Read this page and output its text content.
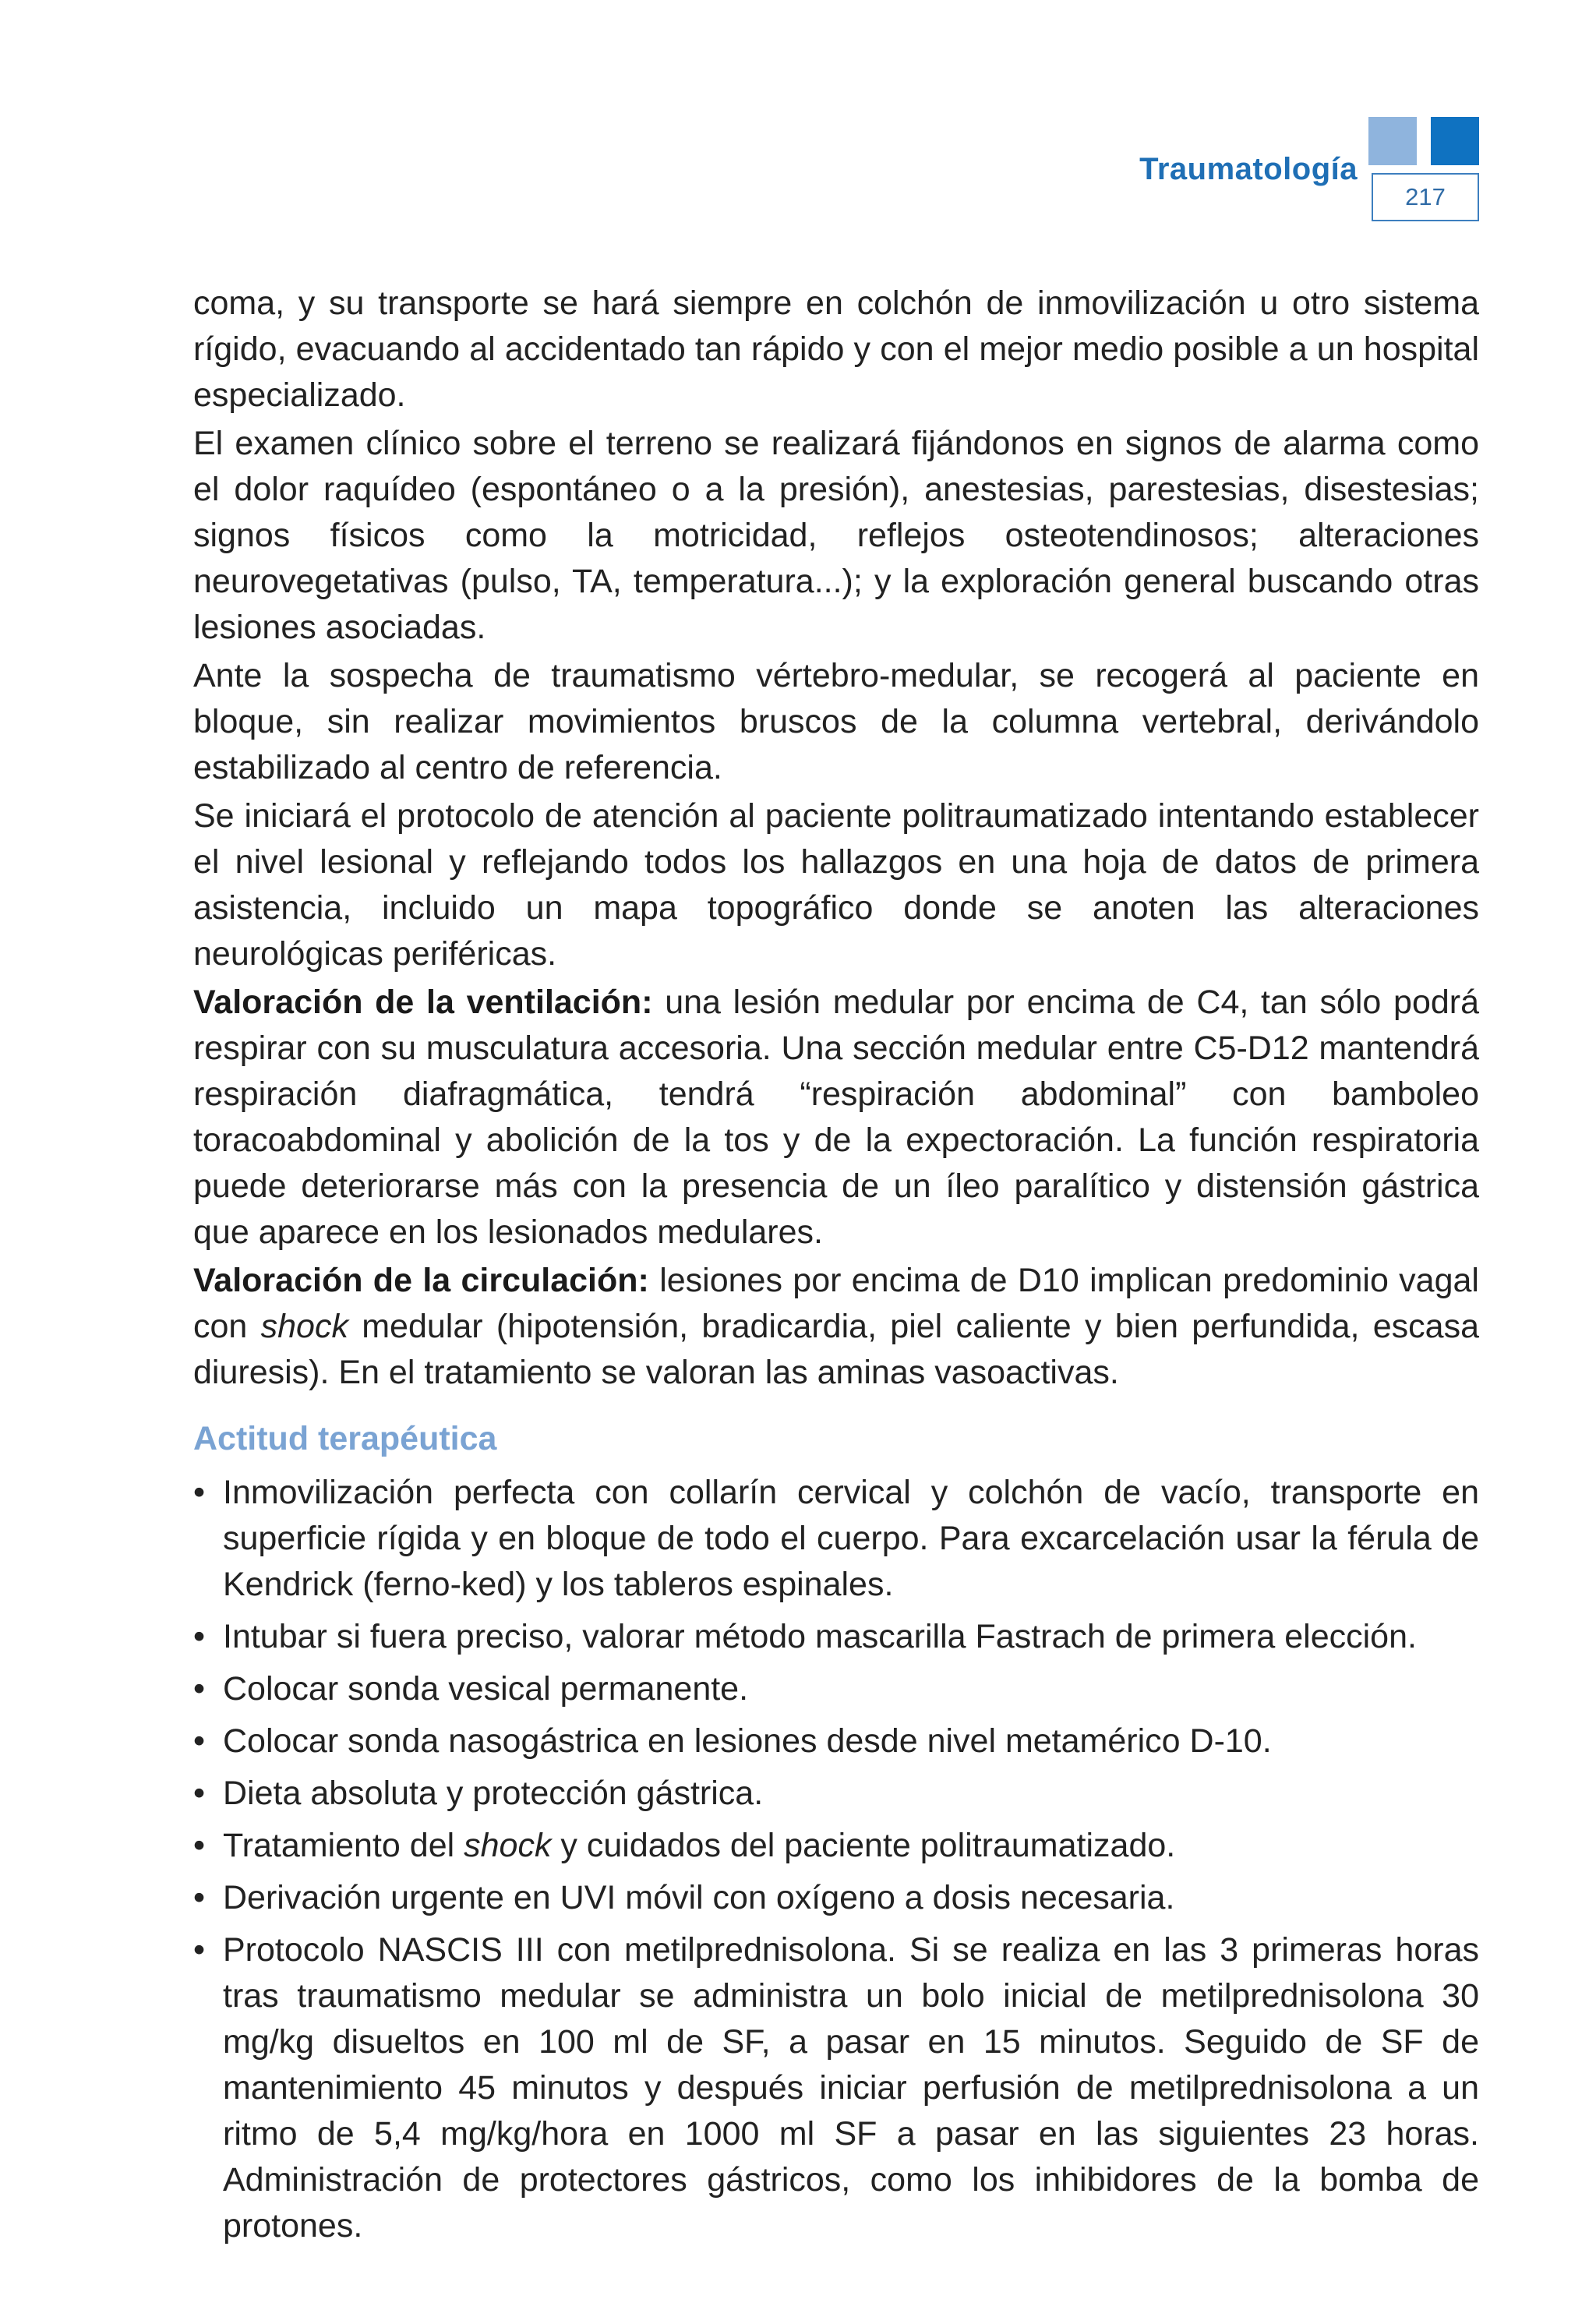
Traumatología
217

coma, y su transporte se hará siempre en colchón de inmovilización u otro sistema rígido, evacuando al accidentado tan rápido y con el mejor medio posible a un hospital especializado.

El examen clínico sobre el terreno se realizará fijándonos en signos de alarma como el dolor raquídeo (espontáneo o a la presión), anestesias, parestesias, disestesias; signos físicos como la motricidad, reflejos osteotendinosos; alteraciones neurovegetativas (pulso, TA, temperatura...); y la exploración general buscando otras lesiones asociadas.

Ante la sospecha de traumatismo vértebro-medular, se recogerá al paciente en bloque, sin realizar movimientos bruscos de la columna vertebral, derivándolo estabilizado al centro de referencia.

Se iniciará el protocolo de atención al paciente politraumatizado intentando establecer el nivel lesional y reflejando todos los hallazgos en una hoja de datos de primera asistencia, incluido un mapa topográfico donde se anoten las alteraciones neurológicas periféricas.

Valoración de la ventilación: una lesión medular por encima de C4, tan sólo podrá respirar con su musculatura accesoria. Una sección medular entre C5-D12 mantendrá respiración diafragmática, tendrá “respiración abdominal” con bamboleo toracoabdominal y abolición de la tos y de la expectoración. La función respiratoria puede deteriorarse más con la presencia de un íleo paralítico y distensión gástrica que aparece en los lesionados medulares.

Valoración de la circulación: lesiones por encima de D10 implican predominio vagal con shock medular (hipotensión, bradicardia, piel caliente y bien perfundida, escasa diuresis). En el tratamiento se valoran las aminas vasoactivas.

Actitud terapéutica
• Inmovilización perfecta con collarín cervical y colchón de vacío, transporte en superficie rígida y en bloque de todo el cuerpo. Para excarcelación usar la férula de Kendrick (ferno-ked) y los tableros espinales.
• Intubar si fuera preciso, valorar método mascarilla Fastrach de primera elección.
• Colocar sonda vesical permanente.
• Colocar sonda nasogástrica en lesiones desde nivel metamérico D-10.
• Dieta absoluta y protección gástrica.
• Tratamiento del shock y cuidados del paciente politraumatizado.
• Derivación urgente en UVI móvil con oxígeno a dosis necesaria.
• Protocolo NASCIS III con metilprednisolona. Si se realiza en las 3 primeras horas tras traumatismo medular se administra un bolo inicial de metilprednisolona 30 mg/kg disueltos en 100 ml de SF, a pasar en 15 minutos. Seguido de SF de mantenimiento 45 minutos y después iniciar perfusión de metilprednisolona a un ritmo de 5,4 mg/kg/hora en 1000 ml SF a pasar en las siguientes 23 horas. Administración de protectores gástricos, como los inhibidores de la bomba de protones.
